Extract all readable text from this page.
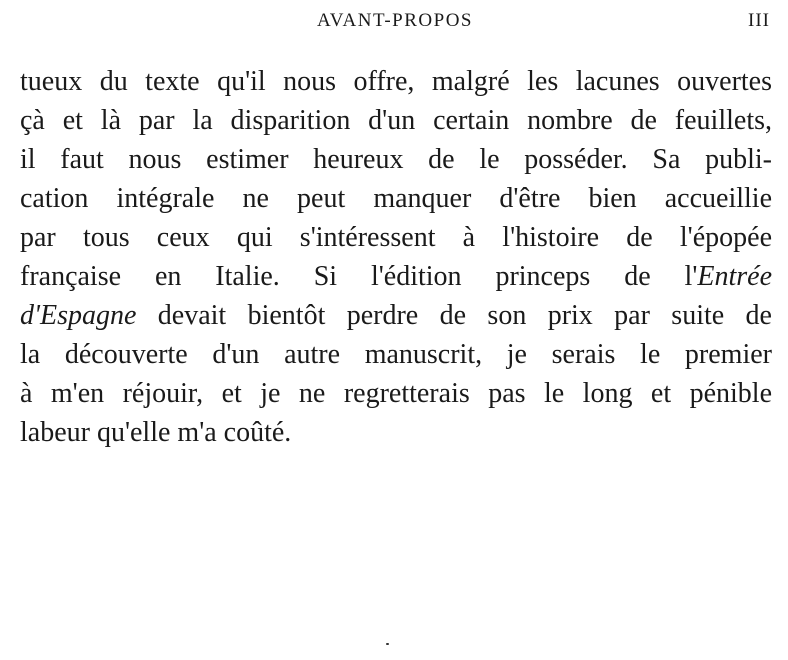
AVANT-PROPOS	III
tueux du texte qu'il nous offre, malgré les lacunes ouvertes
çà et là par la disparition d'un certain nombre de feuillets,
il faut nous estimer heureux de le posséder. Sa publi-
cation intégrale ne peut manquer d'être bien accueillie
par tous ceux qui s'intéressent à l'histoire de l'épopée
française en Italie. Si l'édition princeps de l'Entrée
d'Espagne devait bientôt perdre de son prix par suite de
la découverte d'un autre manuscrit, je serais le premier
à m'en réjouir, et je ne regretterais pas le long et pénible
labeur qu'elle m'a coûté.
